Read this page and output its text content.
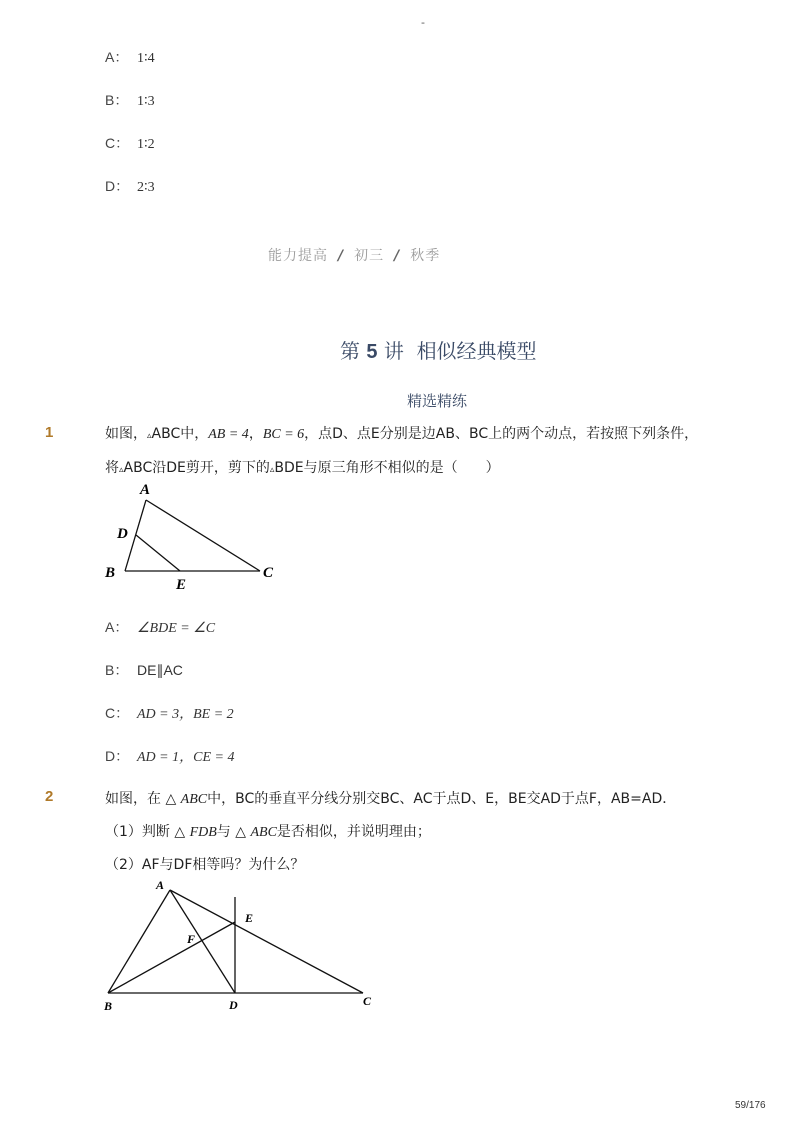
-
A： 1∶4
B： 1∶3
C： 1∶2
D： 2∶3
能力提高 / 初三 / 秋季
第 5 讲 相似经典模型
精选精练
1	如图，▵ABC中，AB = 4，BC = 6，点D、点E分别是边AB、BC上的两个动点，若按照下列条件，
将▵ABC沿DE剪开，剪下的▵BDE与原三角形不相似的是（　　）
A
D
B
E
C
A： ∠BDE = ∠C
B： DE∥AC
C： AD = 3，BE = 2
D： AD = 1，CE = 4
2	如图，在 △ ABC中，BC的垂直平分线分别交BC、AC于点D、E，BE交AD于点F，AB=AD．
（1）判断 △ FDB与 △ ABC是否相似，并说明理由；
（2）AF与DF相等吗？为什么？
A
E
F
B	D	C
59/176
